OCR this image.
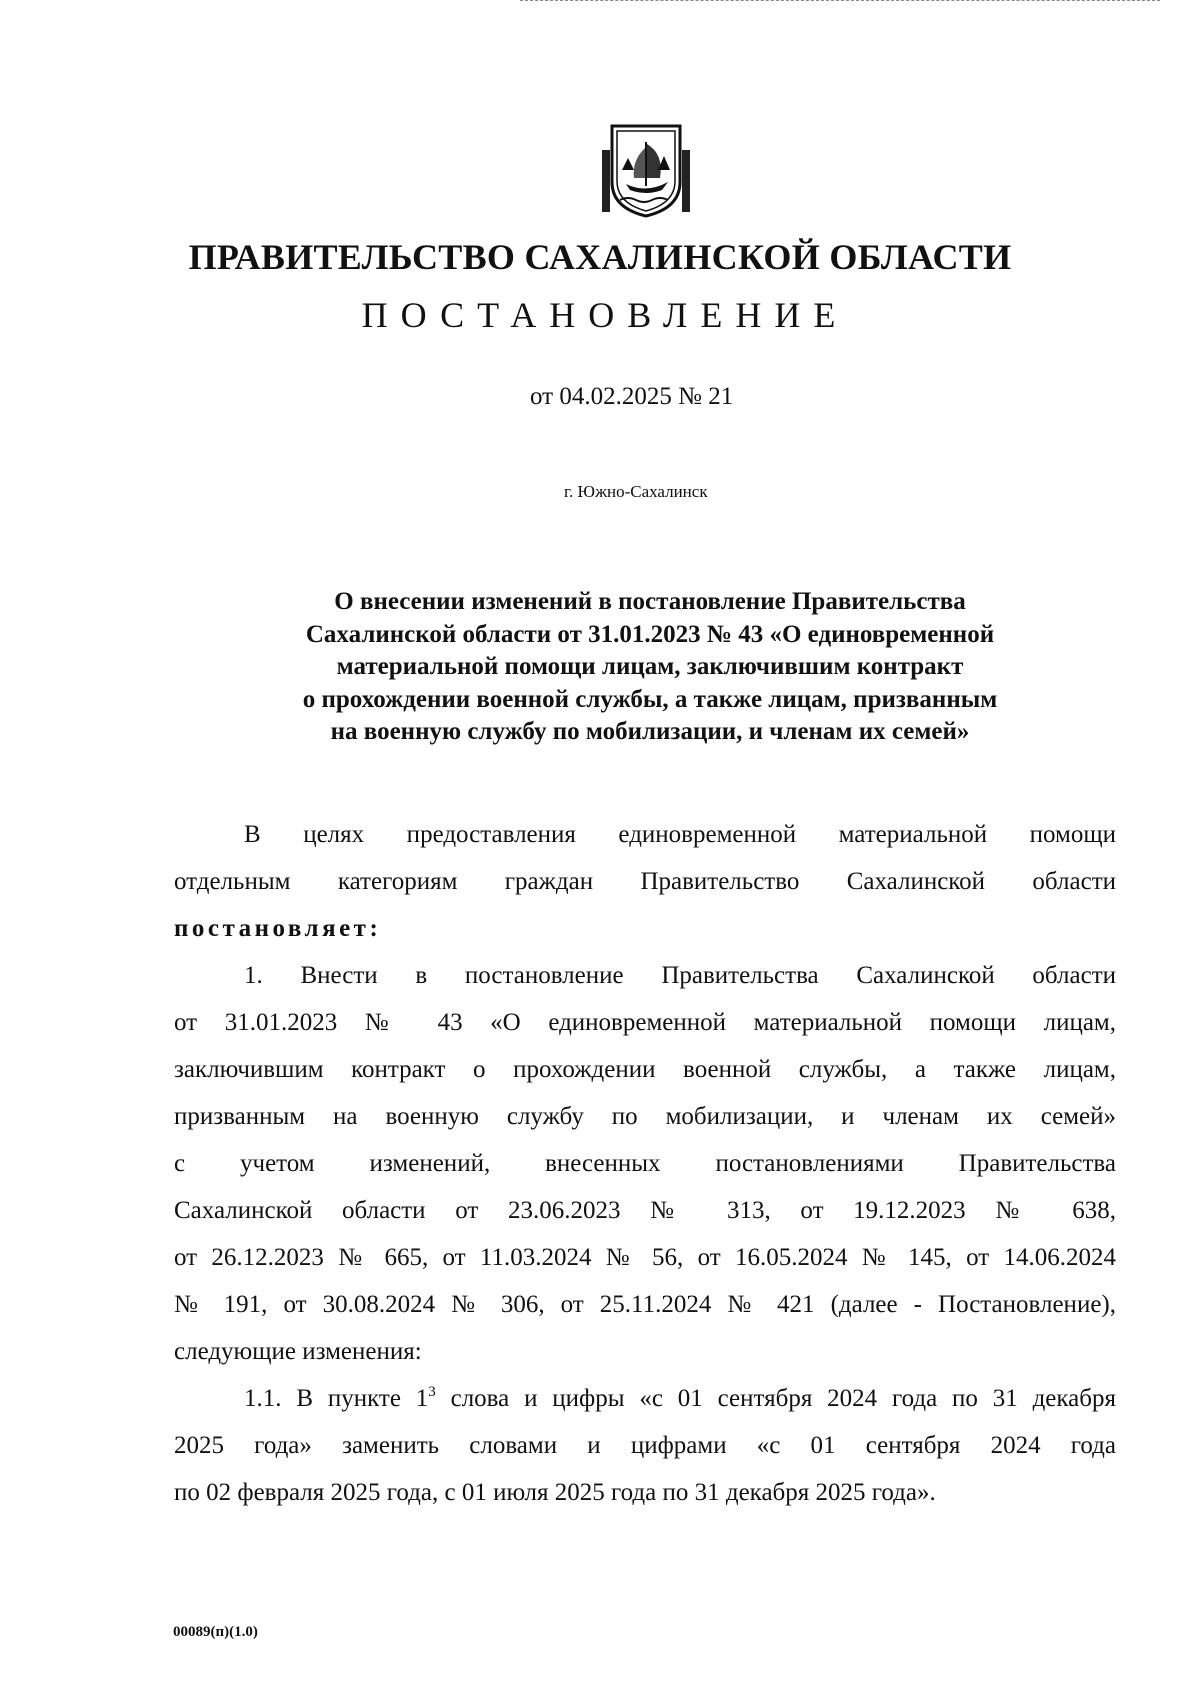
ПРАВИТЕЛЬСТВО САХАЛИНСКОЙ ОБЛАСТИ
ПОСТАНОВЛЕНИЕ
от 04.02.2025 № 21
г. Южно-Сахалинск
О внесении изменений в постановление Правительства
Сахалинской области от 31.01.2023 № 43 «О единовременной
материальной помощи лицам, заключившим контракт
о прохождении военной службы, а также лицам, призванным
на военную службу по мобилизации, и членам их семей»
В целях предоставления единовременной материальной помощи
отдельным категориям граждан Правительство Сахалинской области
постановляет:
1. Внести в постановление Правительства Сахалинской области
от 31.01.2023 № 43 «О единовременной материальной помощи лицам,
заключившим контракт о прохождении военной службы, а также лицам,
призванным на военную службу по мобилизации, и членам их семей»
с учетом изменений, внесенных постановлениями Правительства
Сахалинской области от 23.06.2023 № 313, от 19.12.2023 № 638,
от 26.12.2023 № 665, от 11.03.2024 № 56, от 16.05.2024 № 145, от 14.06.2024
№ 191, от 30.08.2024 № 306, от 25.11.2024 № 421 (далее - Постановление),
следующие изменения:
1.1. В пункте $1^3$ слова и цифры «с 01 сентября 2024 года по 31 декабря
2025 года» заменить словами и цифрами «с 01 сентября 2024 года
по 02 февраля 2025 года, с 01 июля 2025 года по 31 декабря 2025 года».
00089(п)(1.0)
